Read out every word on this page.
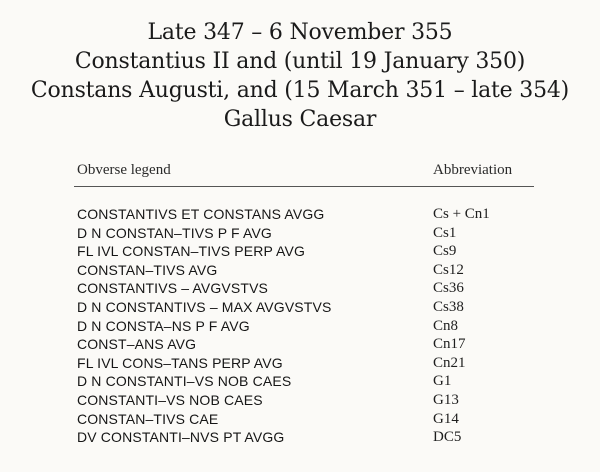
Late 347 – 6 November 355
Constantius II and (until 19 January 350)
Constans Augusti, and (15 March 351 – late 354)
Gallus Caesar
Obverse legend	Abbreviation
CONSTANTIVS ET CONSTANS AVGG	Cs + Cn1
D N CONSTAN–TIVS P F AVG	Cs1
FL IVL CONSTAN–TIVS PERP AVG	Cs9
CONSTAN–TIVS AVG	Cs12
CONSTANTIVS – AVGVSTVS	Cs36
D N CONSTANTIVS – MAX AVGVSTVS	Cs38
D N CONSTA–NS P F AVG	Cn8
CONST–ANS AVG	Cn17
FL IVL CONS–TANS PERP AVG	Cn21
D N CONSTANTI–VS NOB CAES	G1
CONSTANTI–VS NOB CAES	G13
CONSTAN–TIVS CAE	G14
DV CONSTANTI–NVS PT AVGG	DC5
